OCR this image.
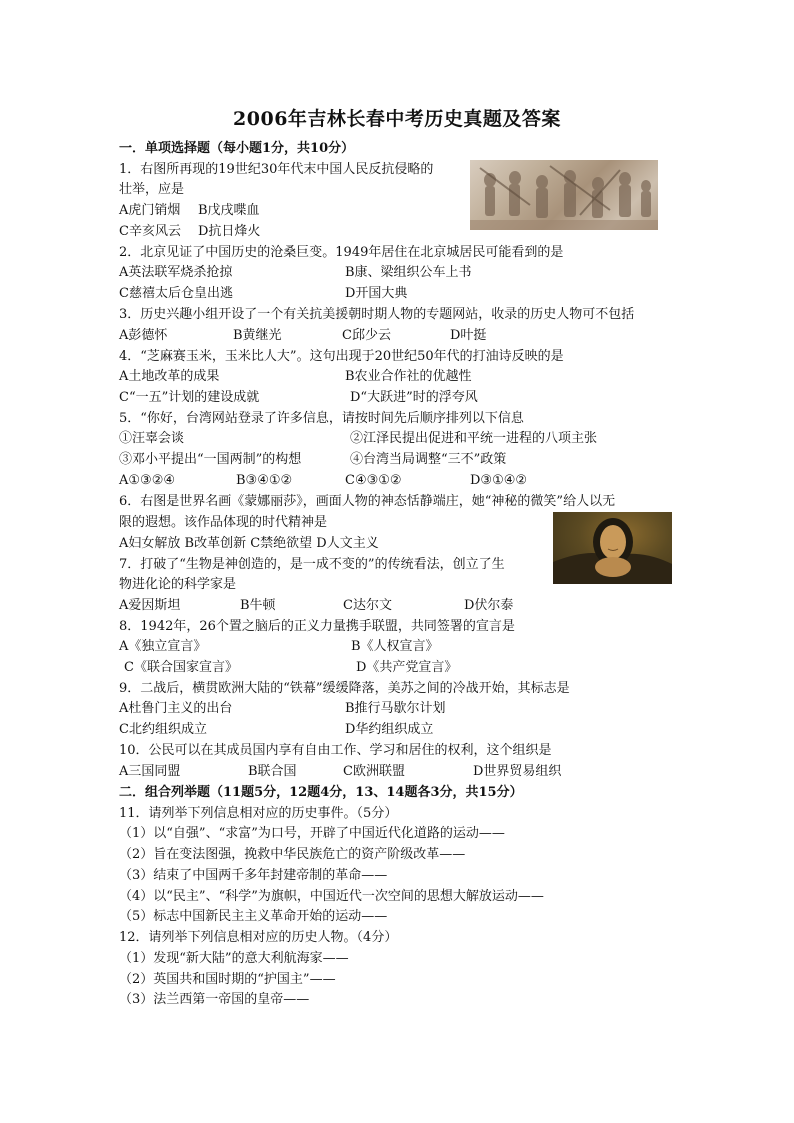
2006年吉林长春中考历史真题及答案
一．单项选择题（每小题1分，共10分）
1．右图所再现的19世纪30年代末中国人民反抗侵略的
壮举，应是
A虎门销烟 B戊戌喋血
C辛亥风云 D抗日烽火
2．北京见证了中国历史的沧桑巨变。1949年居住在北京城居民可能看到的是
A英法联军烧杀抢掠	B康、梁组织公车上书
C慈禧太后仓皇出逃	D开国大典
3．历史兴趣小组开设了一个有关抗美援朝时期人物的专题网站，收录的历史人物可不包括
A彭德怀	B黄继光	C邱少云	D叶挺
4．“芝麻赛玉米，玉米比人大”。这句出现于20世纪50年代的打油诗反映的是
A土地改革的成果	B农业合作社的优越性
C“一五”计划的建设成就	D“大跃进”时的浮夸风
5．“你好，台湾网站登录了许多信息，请按时间先后顺序排列以下信息
①汪辜会谈	②江泽民提出促进和平统一进程的八项主张
③邓小平提出“一国两制”的构想	④台湾当局调整“三不”政策
A①③②④	B③④①②	C④③①②	D③①④②
6．右图是世界名画《蒙娜丽莎》，画面人物的神态恬静端庄，她“神秘的微笑”给人以无
限的遐想。该作品体现的时代精神是
A妇女解放 B改革创新 C禁绝欲望 D人文主义
7．打破了“生物是神创造的，是一成不变的”的传统看法，创立了生
物进化论的科学家是
A爱因斯坦	B牛顿	C达尔文	D伏尔泰
8．1942年，26个置之脑后的正义力量携手联盟，共同签署的宣言是
A《独立宣言》	B《人权宣言》
C《联合国家宣言》	D《共产党宣言》
9．二战后，横贯欧洲大陆的“铁幕”缓缓降落，美苏之间的冷战开始，其标志是
A杜鲁门主义的出台	B推行马歇尔计划
C北约组织成立	D华约组织成立
10．公民可以在其成员国内享有自由工作、学习和居住的权利，这个组织是
A三国同盟	B联合国	C欧洲联盟	D世界贸易组织
二．组合列举题（11题5分，12题4分，13、14题各3分，共15分）
11．请列举下列信息相对应的历史事件。（5分）
（1）以“自强”、“求富”为口号，开辟了中国近代化道路的运动——
（2）旨在变法图强，挽救中华民族危亡的资产阶级改革——
（3）结束了中国两千多年封建帝制的革命——
（4）以“民主”、“科学”为旗帜，中国近代一次空间的思想大解放运动——
（5）标志中国新民主主义革命开始的运动——
12．请列举下列信息相对应的历史人物。（4分）
（1）发现“新大陆”的意大利航海家——
（2）英国共和国时期的“护国主”——
（3）法兰西第一帝国的皇帝——
